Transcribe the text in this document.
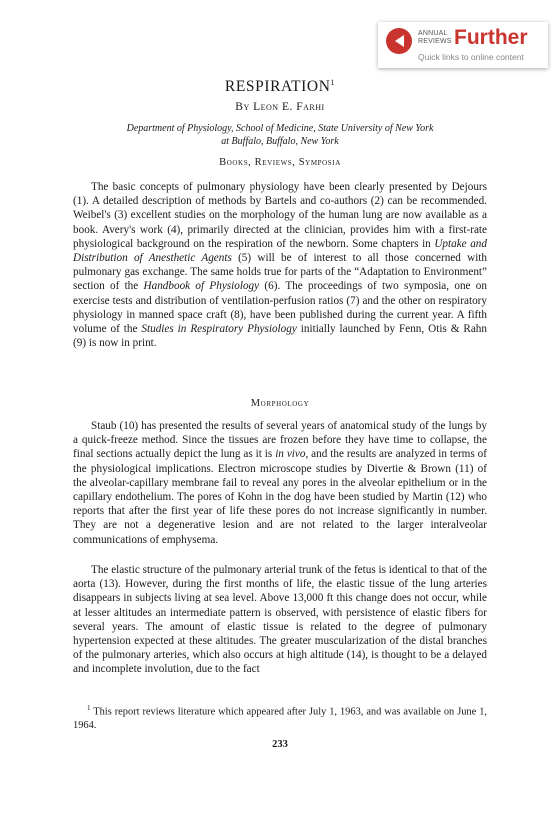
ANNUAL
REVIEWS Further
Quick links to online content
RESPIRATION$^1$
By Leon E. Farhi
Department of Physiology, School of Medicine, State University of New York
at Buffalo, Buffalo, New York
Books, Reviews, Symposia

The basic concepts of pulmonary physiology have been clearly presented by Dejours (1). A detailed description of methods by Bartels and co-authors (2) can be recommended. Weibel's (3) excellent studies on the morphology of the human lung are now available as a book. Avery's work (4), primarily directed at the clinician, provides him with a first-rate physiological background on the respiration of the newborn. Some chapters in Uptake and Distribution of Anesthetic Agents (5) will be of interest to all those concerned with pulmonary gas exchange. The same holds true for parts of the “Adaptation to Environment” section of the Handbook of Physiology (6). The proceedings of two symposia, one on exercise tests and distribution of ventilation-perfusion ratios (7) and the other on respiratory physiology in manned space craft (8), have been published during the current year. A fifth volume of the Studies in Respiratory Physiology initially launched by Fenn, Otis & Rahn (9) is now in print.

Morphology

Staub (10) has presented the results of several years of anatomical study of the lungs by a quick-freeze method. Since the tissues are frozen before they have time to collapse, the final sections actually depict the lung as it is in vivo, and the results are analyzed in terms of the physiological implications. Electron microscope studies by Divertie & Brown (11) of the alveolar-capillary membrane fail to reveal any pores in the alveolar epithelium or in the capillary endothelium. The pores of Kohn in the dog have been studied by Martin (12) who reports that after the first year of life these pores do not increase significantly in number. They are not a degenerative lesion and are not related to the larger interalveolar communications of emphysema.

The elastic structure of the pulmonary arterial trunk of the fetus is identical to that of the aorta (13). However, during the first months of life, the elastic tissue of the lung arteries disappears in subjects living at sea level. Above 13,000 ft this change does not occur, while at lesser altitudes an intermediate pattern is observed, with persistence of elastic fibers for several years. The amount of elastic tissue is related to the degree of pulmonary hypertension expected at these altitudes. The greater muscularization of the distal branches of the pulmonary arteries, which also occurs at high altitude (14), is thought to be a delayed and incomplete involution, due to the fact

$^1$ This report reviews literature which appeared after July 1, 1963, and was available on June 1, 1964.

233
